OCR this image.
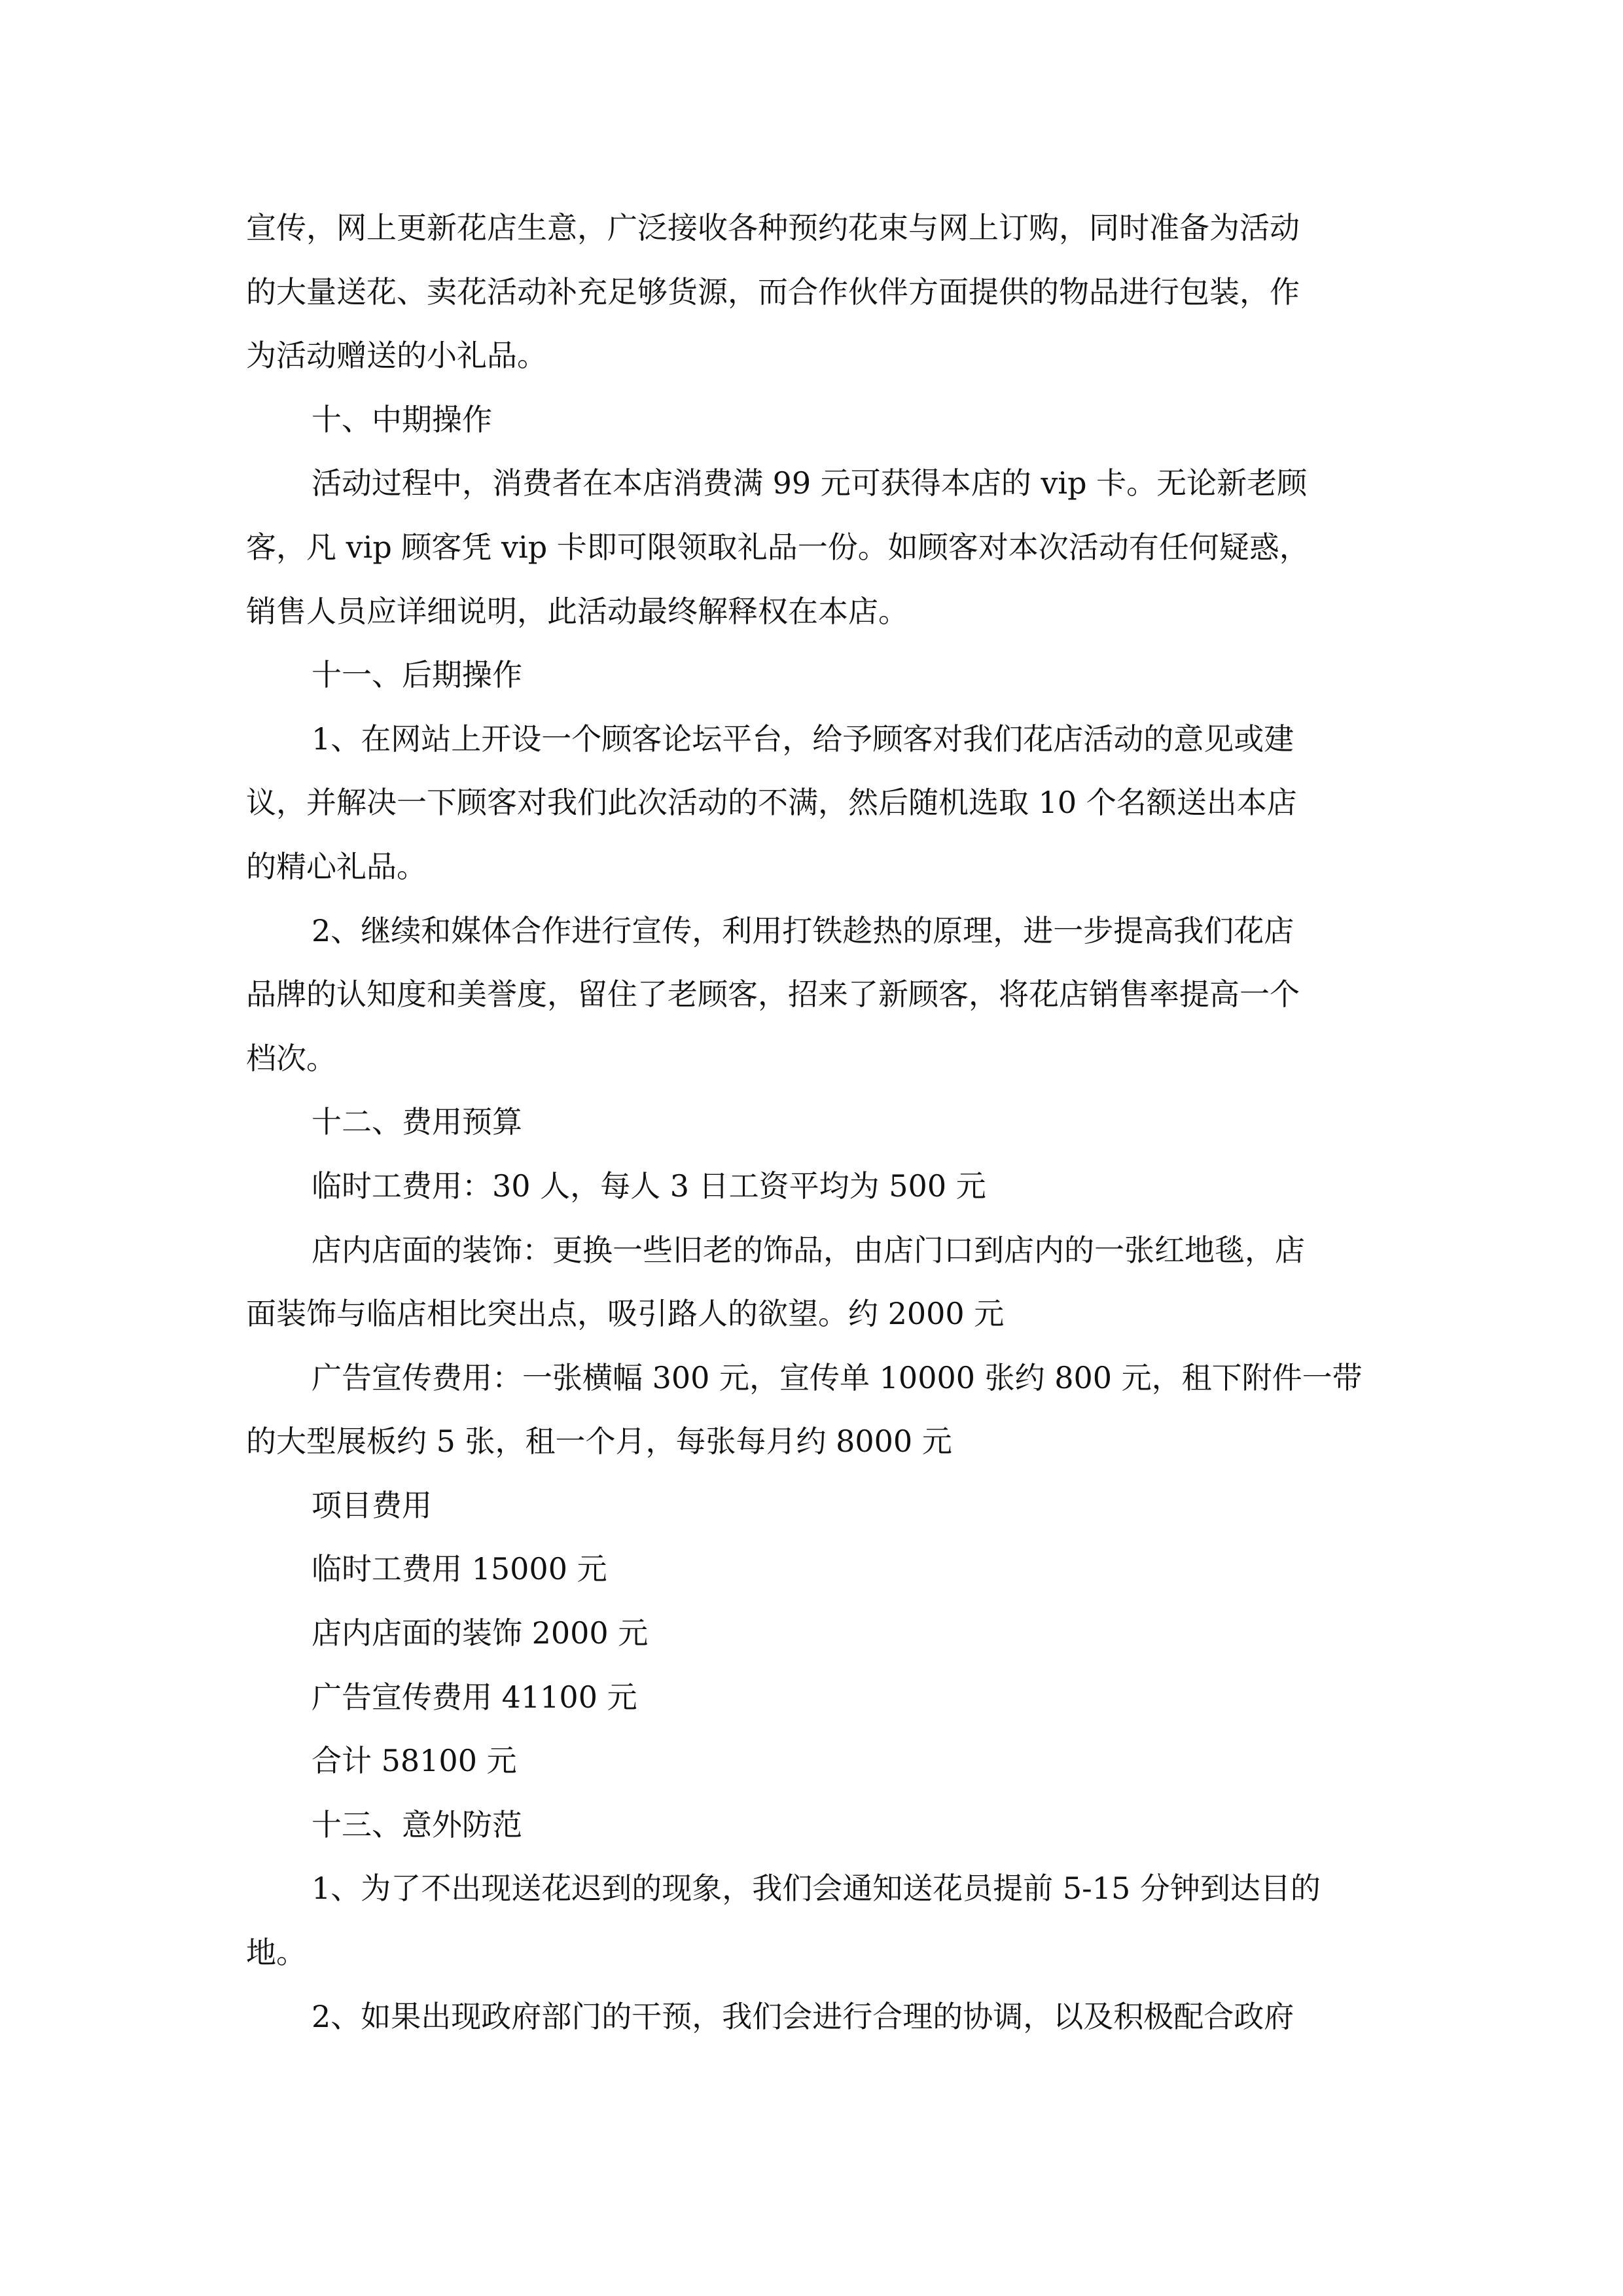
宣传，网上更新花店生意，广泛接收各种预约花束与网上订购，同时准备为活动
的大量送花、卖花活动补充足够货源，而合作伙伴方面提供的物品进行包装，作
为活动赠送的小礼品。
十、中期操作
活动过程中，消费者在本店消费满 99 元可获得本店的 vip 卡。无论新老顾
客，凡 vip 顾客凭 vip 卡即可限领取礼品一份。如顾客对本次活动有任何疑惑，
销售人员应详细说明，此活动最终解释权在本店。
十一、后期操作
1、在网站上开设一个顾客论坛平台，给予顾客对我们花店活动的意见或建
议，并解决一下顾客对我们此次活动的不满，然后随机选取 10 个名额送出本店
的精心礼品。
2、继续和媒体合作进行宣传，利用打铁趁热的原理，进一步提高我们花店
品牌的认知度和美誉度，留住了老顾客，招来了新顾客，将花店销售率提高一个
档次。
十二、费用预算
临时工费用：30 人，每人 3 日工资平均为 500 元
店内店面的装饰：更换一些旧老的饰品，由店门口到店内的一张红地毯，店
面装饰与临店相比突出点，吸引路人的欲望。约 2000 元
广告宣传费用：一张横幅 300 元，宣传单 10000 张约 800 元，租下附件一带
的大型展板约 5 张，租一个月，每张每月约 8000 元
项目费用
临时工费用 15000 元
店内店面的装饰 2000 元
广告宣传费用 41100 元
合计 58100 元
十三、意外防范
1、为了不出现送花迟到的现象，我们会通知送花员提前 5-15 分钟到达目的
地。
2、如果出现政府部门的干预，我们会进行合理的协调，以及积极配合政府
